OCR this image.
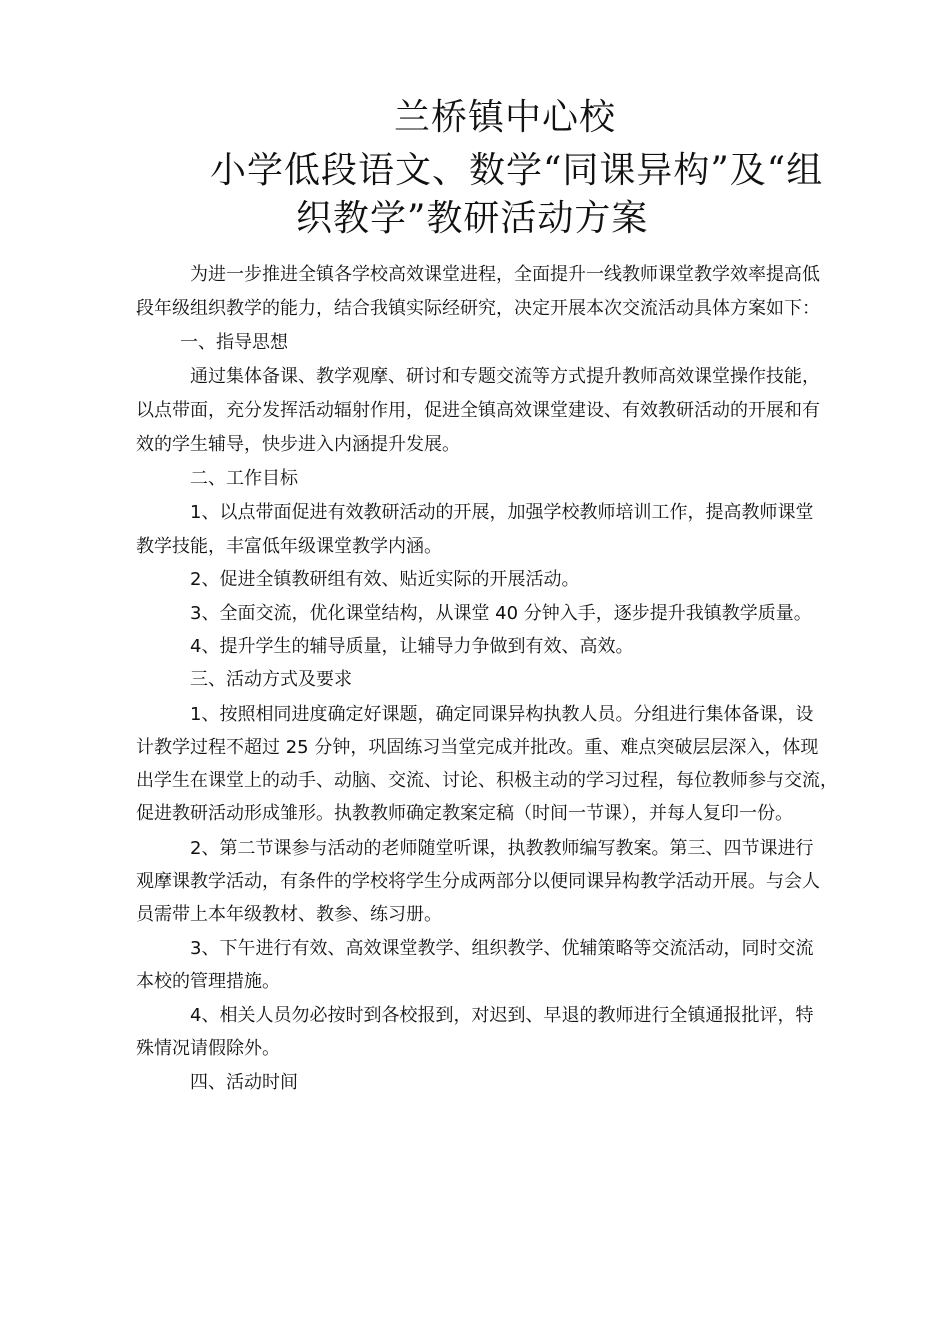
兰桥镇中心校
小学低段语文、数学“同课异构”及“组
织教学”教研活动方案
为进一步推进全镇各学校高效课堂进程，全面提升一线教师课堂教学效率提高低
段年级组织教学的能力，结合我镇实际经研究，决定开展本次交流活动具体方案如下：
一、指导思想
通过集体备课、教学观摩、研讨和专题交流等方式提升教师高效课堂操作技能，
以点带面，充分发挥活动辐射作用，促进全镇高效课堂建设、有效教研活动的开展和有
效的学生辅导，快步进入内涵提升发展。
二、工作目标
1、以点带面促进有效教研活动的开展，加强学校教师培训工作，提高教师课堂
教学技能，丰富低年级课堂教学内涵。
2、促进全镇教研组有效、贴近实际的开展活动。
3、全面交流，优化课堂结构，从课堂 40 分钟入手，逐步提升我镇教学质量。
4、提升学生的辅导质量，让辅导力争做到有效、高效。
三、活动方式及要求
1、按照相同进度确定好课题，确定同课异构执教人员。分组进行集体备课，设
计教学过程不超过 25 分钟，巩固练习当堂完成并批改。重、难点突破层层深入，体现
出学生在课堂上的动手、动脑、交流、讨论、积极主动的学习过程，每位教师参与交流，
促进教研活动形成雏形。执教教师确定教案定稿（时间一节课），并每人复印一份。
2、第二节课参与活动的老师随堂听课，执教教师编写教案。第三、四节课进行
观摩课教学活动，有条件的学校将学生分成两部分以便同课异构教学活动开展。与会人
员需带上本年级教材、教参、练习册。
3、下午进行有效、高效课堂教学、组织教学、优辅策略等交流活动，同时交流
本校的管理措施。
4、相关人员勿必按时到各校报到，对迟到、早退的教师进行全镇通报批评，特
殊情况请假除外。
四、活动时间
